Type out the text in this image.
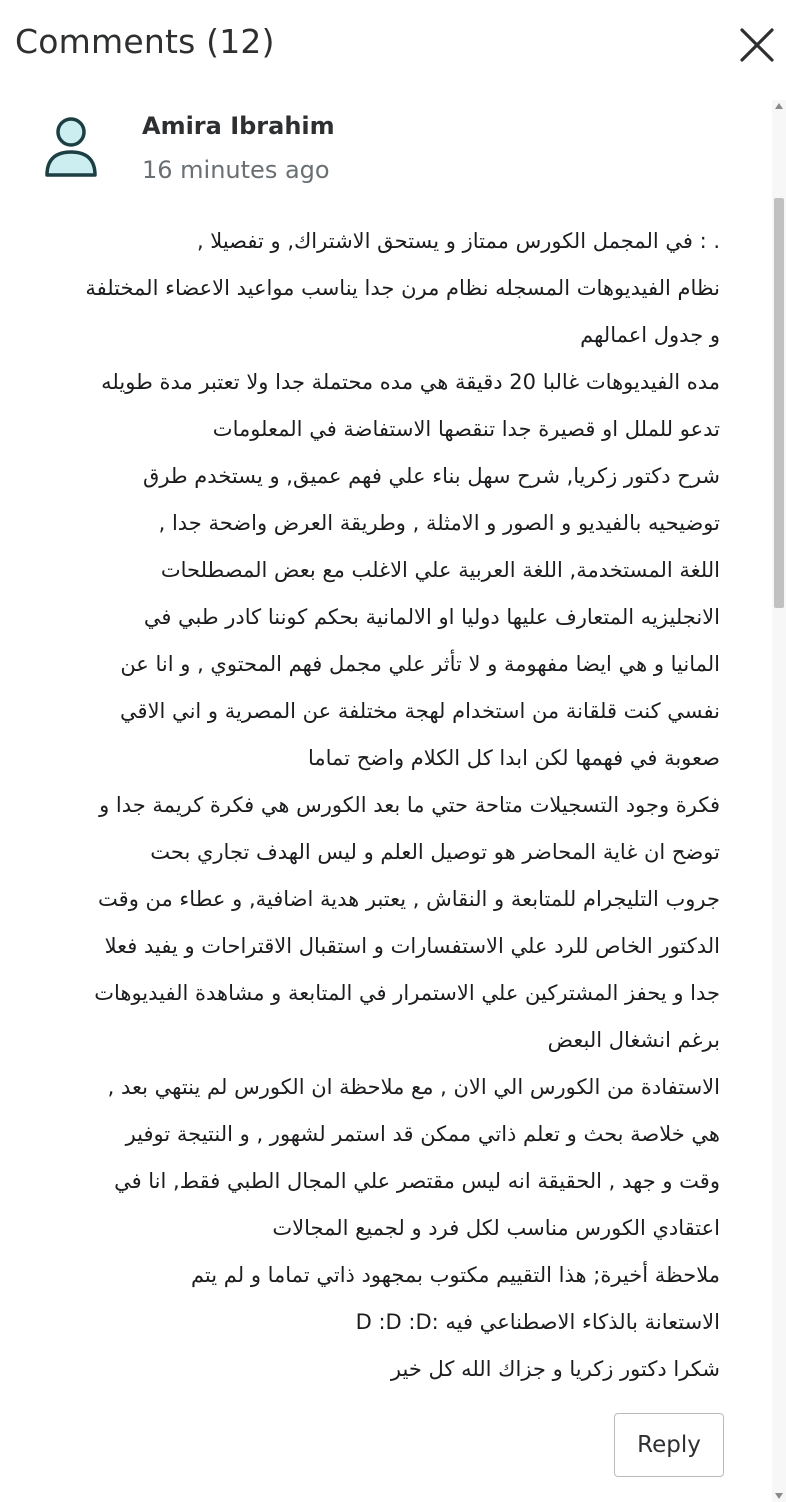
Comments (12)
Amira Ibrahim
16 minutes ago
. : في المجمل الكورس ممتاز و يستحق الاشتراك, و تفصيلا ,
نظام الفيديوهات المسجله نظام مرن جدا يناسب مواعيد الاعضاء المختلفة
و جدول اعمالهم
مده الفيديوهات غالبا 20 دقيقة هي مده محتملة جدا ولا تعتبر مدة طويله
تدعو للملل او قصيرة جدا تنقصها الاستفاضة في المعلومات
شرح دكتور زكريا, شرح سهل بناء علي فهم عميق, و يستخدم طرق
توضيحيه بالفيديو و الصور و الامثلة , وطريقة العرض واضحة جدا ,
اللغة المستخدمة, اللغة العربية علي الاغلب مع بعض المصطلحات
الانجليزيه المتعارف عليها دوليا او الالمانية بحكم كوننا كادر طبي في
المانيا و هي ايضا مفهومة و لا تأثر علي مجمل فهم المحتوي , و انا عن
نفسي كنت قلقانة من استخدام لهجة مختلفة عن المصرية و اني الاقي
صعوبة في فهمها لكن ابدا كل الكلام واضح تماما
فكرة وجود التسجيلات متاحة حتي ما بعد الكورس هي فكرة كريمة جدا و
توضح ان غاية المحاضر هو توصيل العلم و ليس الهدف تجاري بحت
جروب التليجرام للمتابعة و النقاش , يعتبر هدية اضافية, و عطاء من وقت
الدكتور الخاص للرد علي الاستفسارات و استقبال الاقتراحات و يفيد فعلا
جدا و يحفز المشتركين علي الاستمرار في المتابعة و مشاهدة الفيديوهات
برغم انشغال البعض
الاستفادة من الكورس الي الان , مع ملاحظة ان الكورس لم ينتهي بعد ,
هي خلاصة بحث و تعلم ذاتي ممكن قد استمر لشهور , و النتيجة توفير
وقت و جهد , الحقيقة انه ليس مقتصر علي المجال الطبي فقط, انا في
اعتقادي الكورس مناسب لكل فرد و لجميع المجالات
ملاحظة أخيرة; هذا التقييم مكتوب بمجهود ذاتي تماما و لم يتم
الاستعانة بالذكاء الاصطناعي فيه :D :D :D
شكرا دكتور زكريا و جزاك الله كل خير
Reply
